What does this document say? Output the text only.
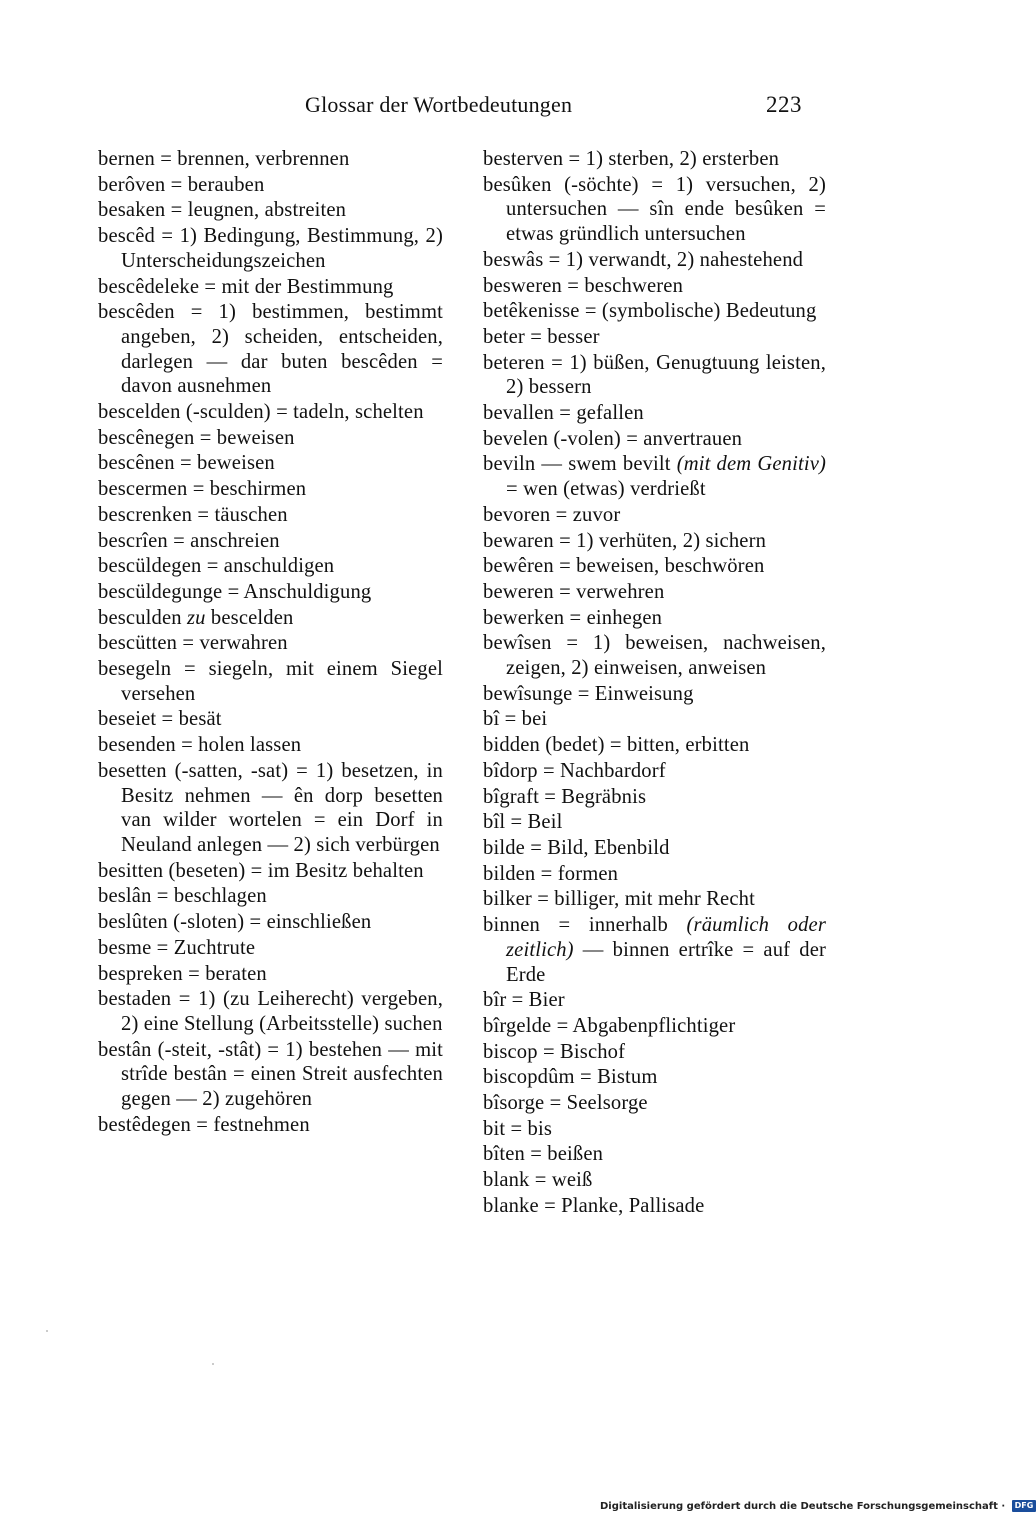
Glossar der Wortbedeutungen	223
bernen = brennen, verbrennen
berôven = berauben
besaken = leugnen, abstreiten
bescêd = 1) Bedingung, Bestimmung, 2) Unterscheidungszeichen
bescêdeleke = mit der Bestimmung
bescêden = 1) bestimmen, bestimmt angeben, 2) scheiden, entscheiden, darlegen — dar buten bescêden = davon ausnehmen
bescelden (-sculden) = tadeln, schelten
bescênegen = beweisen
bescênen = beweisen
bescermen = beschirmen
bescrenken = täuschen
bescrîen = anschreien
bescüldegen = anschuldigen
bescüldegunge = Anschuldigung
besculden zu bescelden
bescütten = verwahren
besegeln = siegeln, mit einem Siegel versehen
beseiet = besät
besenden = holen lassen
besetten (-satten, -sat) = 1) besetzen, in Besitz nehmen — ên dorp besetten van wilder wortelen = ein Dorf in Neuland anlegen — 2) sich verbürgen
besitten (beseten) = im Besitz behalten
beslân = beschlagen
beslûten (-sloten) = einschließen
besme = Zuchtrute
bespreken = beraten
bestaden = 1) (zu Leiherecht) vergeben, 2) eine Stellung (Arbeitsstelle) suchen
bestân (-steit, -stât) = 1) bestehen — mit strîde bestân = einen Streit ausfechten gegen — 2) zugehören
bestêdegen = festnehmen
besterven = 1) sterben, 2) ersterben
besûken (-söchte) = 1) versuchen, 2) untersuchen — sîn ende besûken = etwas gründlich untersuchen
beswâs = 1) verwandt, 2) nahestehend
besweren = beschweren
betêkenisse = (symbolische) Bedeutung
beter = besser
beteren = 1) büßen, Genugtuung leisten, 2) bessern
bevallen = gefallen
bevelen (-volen) = anvertrauen
beviln — swem bevilt (mit dem Genitiv) = wen (etwas) verdrießt
bevoren = zuvor
bewaren = 1) verhüten, 2) sichern
bewêren = beweisen, beschwören
beweren = verwehren
bewerken = einhegen
bewîsen = 1) beweisen, nachweisen, zeigen, 2) einweisen, anweisen
bewîsunge = Einweisung
bî = bei
bidden (bedet) = bitten, erbitten
bîdorp = Nachbardorf
bîgraft = Begräbnis
bîl = Beil
bilde = Bild, Ebenbild
bilden = formen
bilker = billiger, mit mehr Recht
binnen = innerhalb (räumlich oder zeitlich) — binnen ertrîke = auf der Erde
bîr = Bier
bîrgelde = Abgabenpflichtiger
biscop = Bischof
biscopdûm = Bistum
bîsorge = Seelsorge
bit = bis
bîten = beißen
blank = weiß
blanke = Planke, Pallisade
Digitalisierung gefördert durch die Deutsche Forschungsgemeinschaft · DFG
